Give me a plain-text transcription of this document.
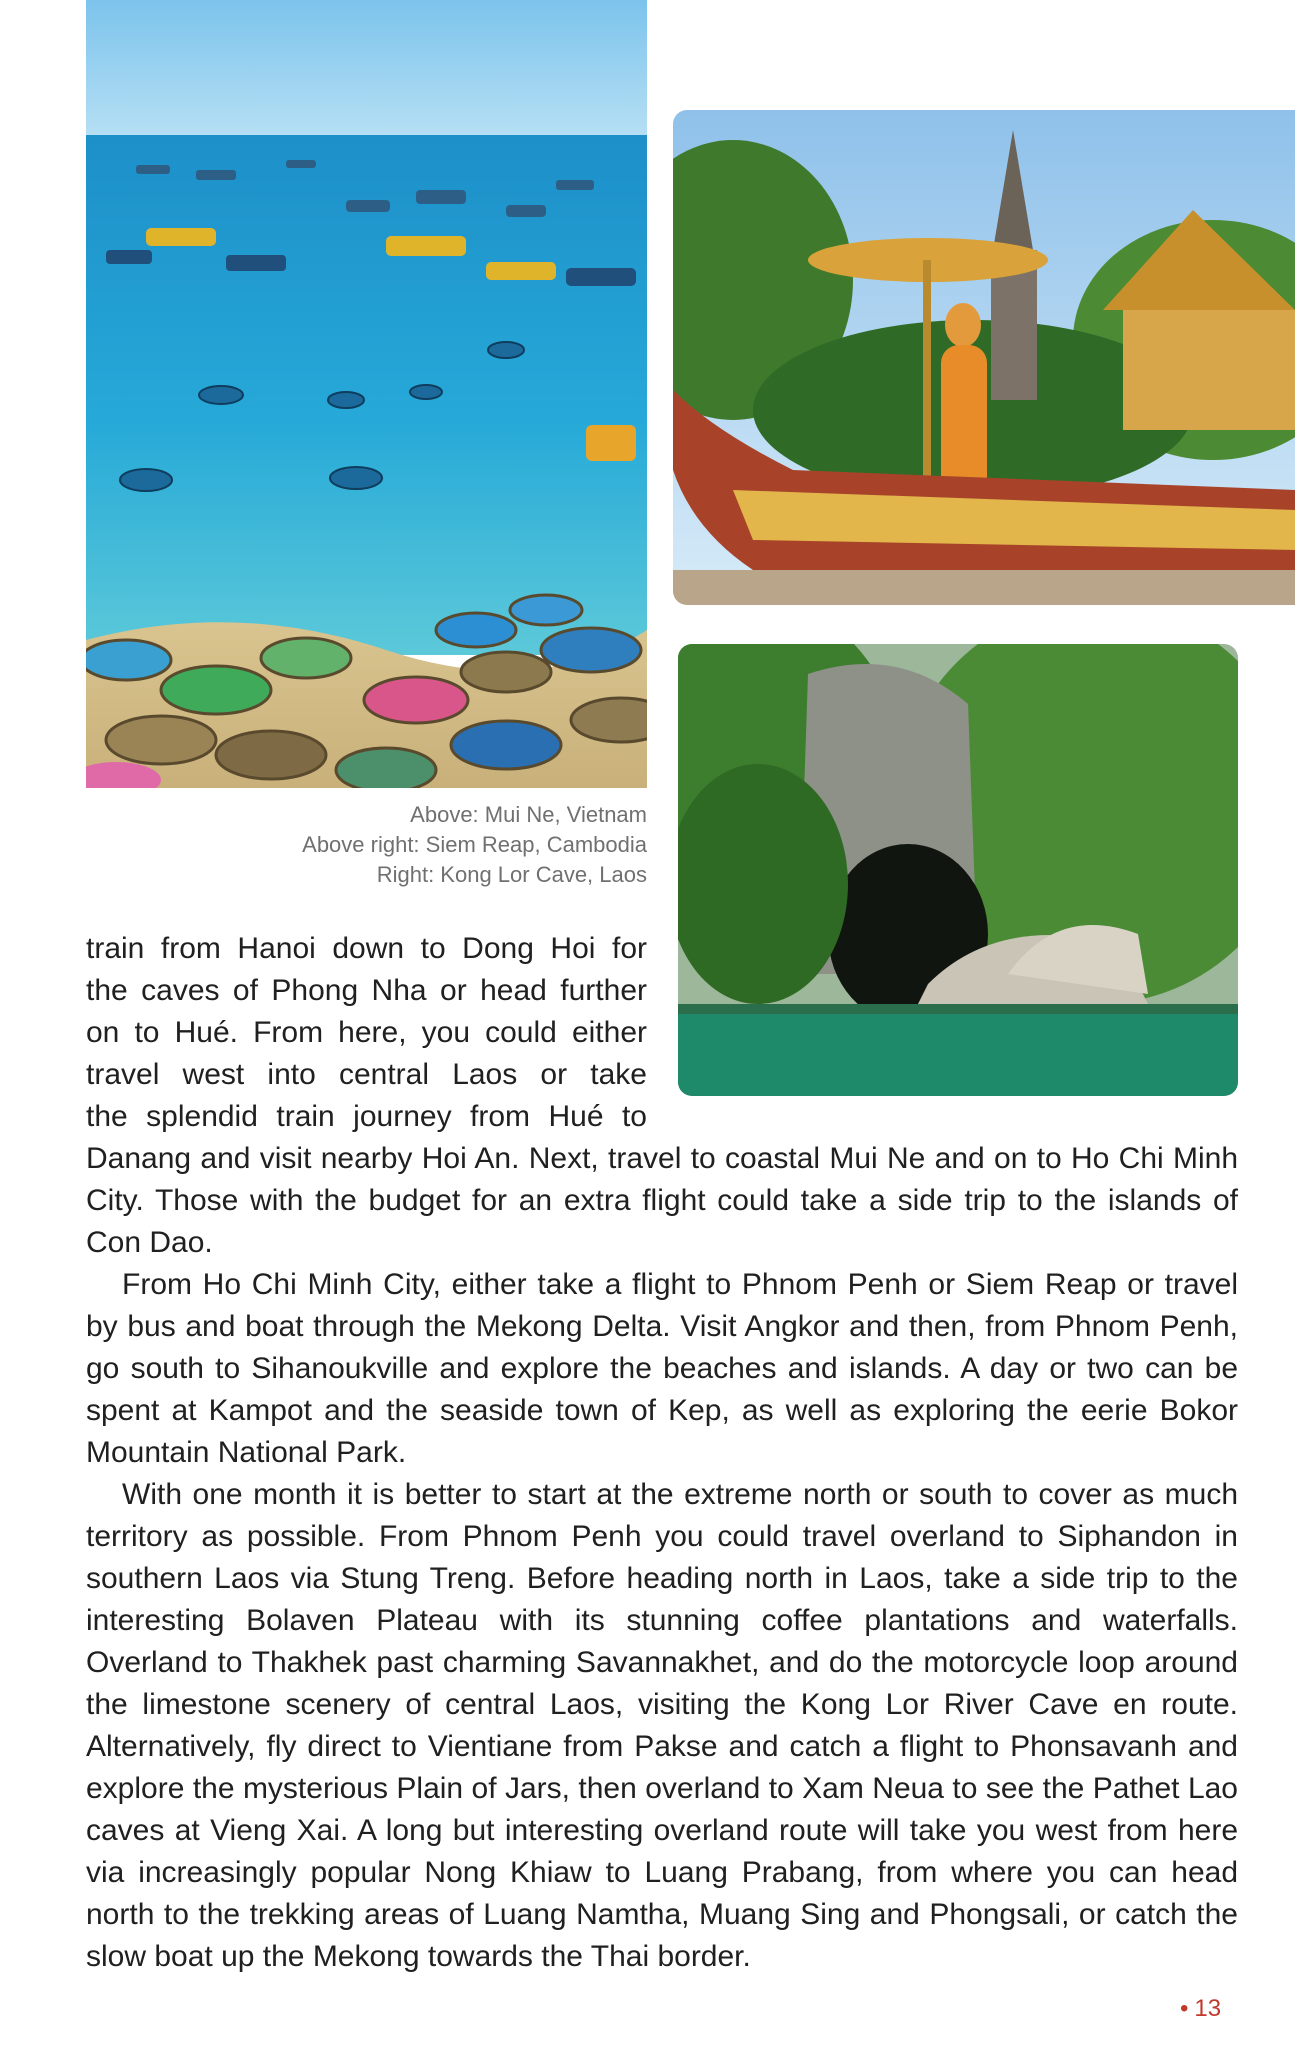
Above: Mui Ne, Vietnam
Above right: Siem Reap, Cambodia
Right: Kong Lor Cave, Laos
train from Hanoi down to Dong Hoi for
the caves of Phong Nha or head further
on to Hué. From here, you could either
travel west into central Laos or take
the splendid train journey from Hué to

Danang and visit nearby Hoi An. Next, travel to coastal Mui Ne and on to Ho Chi Minh City. Those with the budget for an extra flight could take a side trip to the islands of Con Dao.

From Ho Chi Minh City, either take a flight to Phnom Penh or Siem Reap or travel by bus and boat through the Mekong Delta. Visit Angkor and then, from Phnom Penh, go south to Sihanoukville and explore the beaches and islands. A day or two can be spent at Kampot and the seaside town of Kep, as well as exploring the eerie Bokor Mountain National Park.

With one month it is better to start at the extreme north or south to cover as much territory as possible. From Phnom Penh you could travel overland to Siphandon in southern Laos via Stung Treng. Before heading north in Laos, take a side trip to the interesting Bolaven Plateau with its stunning coffee plantations and waterfalls. Overland to Thakhek past charming Savannakhet, and do the motorcycle loop around the limestone scenery of central Laos, visiting the Kong Lor River Cave en route. Alternatively, fly direct to Vientiane from Pakse and catch a flight to Phonsavanh and explore the mysterious Plain of Jars, then overland to Xam Neua to see the Pathet Lao caves at Vieng Xai. A long but interesting overland route will take you west from here via increasingly popular Nong Khiaw to Luang Prabang, from where you can head north to the trekking areas of Luang Namtha, Muang Sing and Phongsali, or catch the slow boat up the Mekong towards the Thai border.

• 13
